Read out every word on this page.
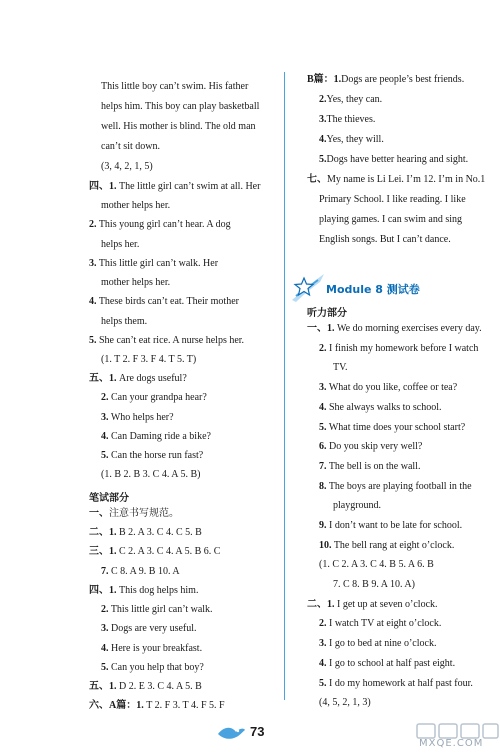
This little boy can’t swim. His father
helps him. This boy can play basketball
well. His mother is blind. The old man
can’t sit down.
(3, 4, 2, 1, 5)
四、1. The little girl can’t swim at all. Her
mother helps her.
2. This young girl can’t hear. A dog
helps her.
3. This little girl can’t walk. Her
mother helps her.
4. These birds can’t eat. Their mother
helps them.
5. She can’t eat rice. A nurse helps her.
(1. T 2. F 3. F 4. T 5. T)
五、1. Are dogs useful?
2. Can your grandpa hear?
3. Who helps her?
4. Can Daming ride a bike?
5. Can the horse run fast?
(1. B 2. B 3. C 4. A 5. B)
笔试部分
一、注意书写规范。
二、1. B 2. A 3. C 4. C 5. B
三、1. C 2. A 3. C 4. A 5. B 6. C
7. C 8. A 9. B 10. A
四、1. This dog helps him.
2. This little girl can’t walk.
3. Dogs are very useful.
4. Here is your breakfast.
5. Can you help that boy?
五、1. D 2. E 3. C 4. A 5. B
六、A篇：1. T 2. F 3. T 4. F 5. F
B篇：1.Dogs are people’s best friends.
2.Yes, they can.
3.The thieves.
4.Yes, they will.
5.Dogs have better hearing and sight.
七、My name is Li Lei. I’m 12. I’m in No.1
Primary School. I like reading. I like
playing games. I can swim and sing
English songs. But I can’t dance.
听力部分
一、1. We do morning exercises every day.
2. I finish my homework before I watch
TV.
3. What do you like, coffee or tea?
4. She always walks to school.
5. What time does your school start?
6. Do you skip very well?
7. The bell is on the wall.
8. The boys are playing football in the
playground.
9. I don’t want to be late for school.
10. The bell rang at eight o’clock.
(1. C 2. A 3. C 4. B 5. A 6. B
7. C 8. B 9. A 10. A)
二、1. I get up at seven o’clock.
2. I watch TV at eight o’clock.
3. I go to bed at nine o’clock.
4. I go to school at half past eight.
5. I do my homework at half past four.
(4, 5, 2, 1, 3)
Module 8 测试卷
73
MXQE.COM
